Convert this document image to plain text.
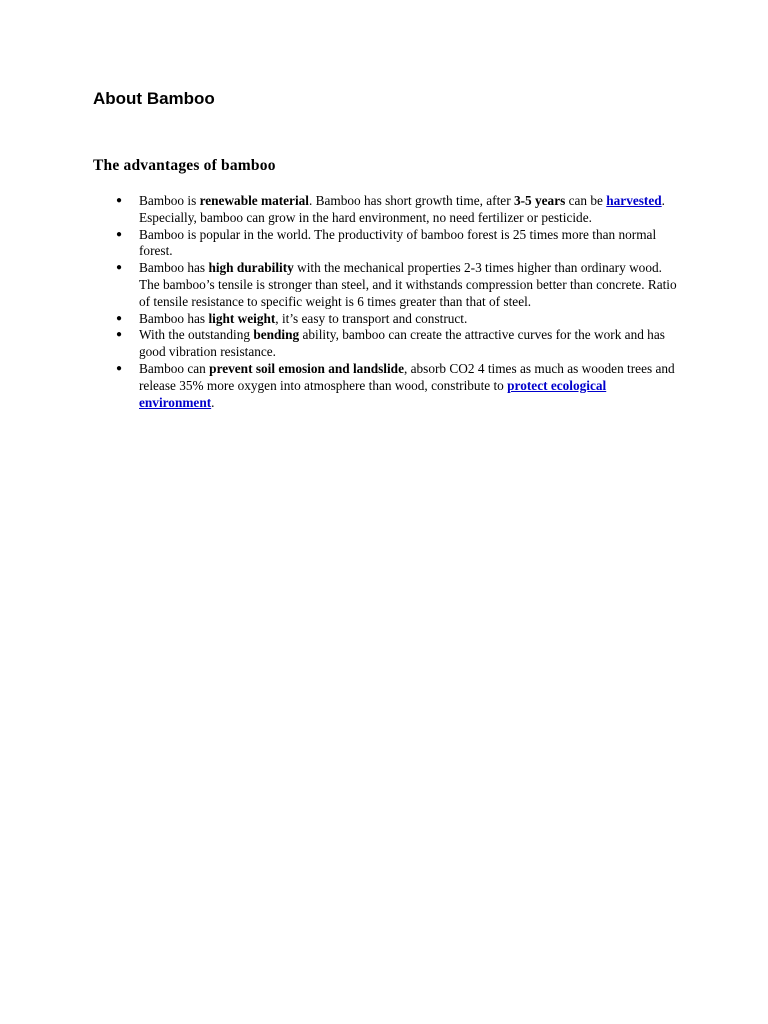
About Bamboo
The advantages of bamboo
● Bamboo is renewable material. Bamboo has short growth time, after 3-5 years can be harvested. Especially, bamboo can grow in the hard environment, no need fertilizer or pesticide.
● Bamboo is popular in the world. The productivity of bamboo forest is 25 times more than normal forest.
● Bamboo has high durability with the mechanical properties 2-3 times higher than ordinary wood. The bamboo’s tensile is stronger than steel, and it withstands compression better than concrete. Ratio of tensile resistance to specific weight is 6 times greater than that of steel.
● Bamboo has light weight, it’s easy to transport and construct.
● With the outstanding bending ability, bamboo can create the attractive curves for the work and has good vibration resistance.
● Bamboo can prevent soil emosion and landslide, absorb CO2 4 times as much as wooden trees and release 35% more oxygen into atmosphere than wood, constribute to protect ecological environment.
